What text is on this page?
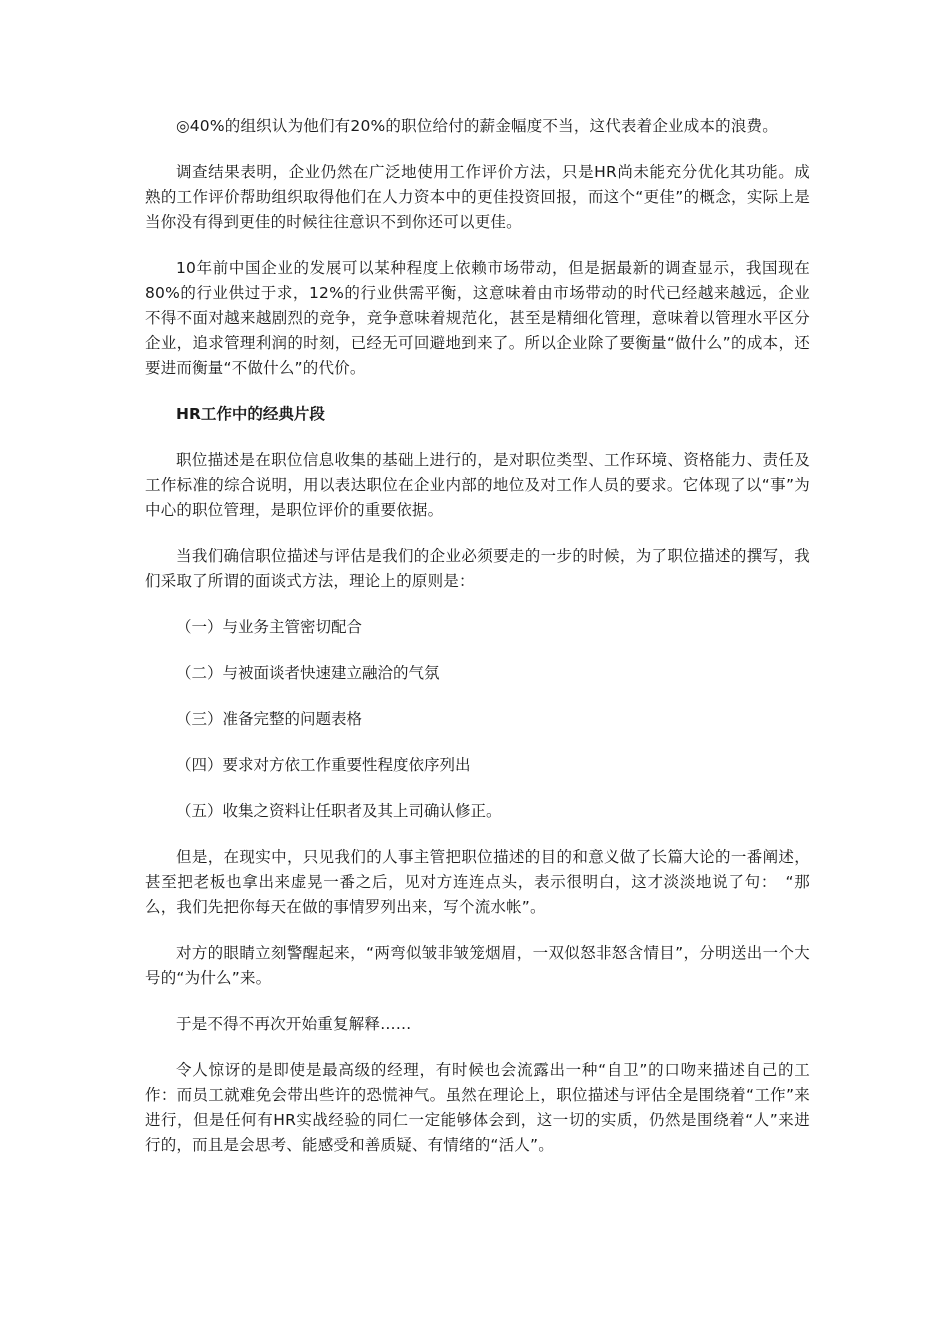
◎40%的组织认为他们有20%的职位给付的薪金幅度不当，这代表着企业成本的浪费。

调查结果表明，企业仍然在广泛地使用工作评价方法，只是HR尚未能充分优化其功能。成熟的工作评价帮助组织取得他们在人力资本中的更佳投资回报，而这个“更佳”的概念，实际上是当你没有得到更佳的时候往往意识不到你还可以更佳。

10年前中国企业的发展可以某种程度上依赖市场带动，但是据最新的调查显示，我国现在80%的行业供过于求，12%的行业供需平衡，这意味着由市场带动的时代已经越来越远，企业不得不面对越来越剧烈的竞争，竞争意味着规范化，甚至是精细化管理，意味着以管理水平区分企业，追求管理利润的时刻，已经无可回避地到来了。所以企业除了要衡量“做什么”的成本，还要进而衡量“不做什么”的代价。

HR工作中的经典片段

职位描述是在职位信息收集的基础上进行的，是对职位类型、工作环境、资格能力、责任及工作标准的综合说明，用以表达职位在企业内部的地位及对工作人员的要求。它体现了以“事”为中心的职位管理，是职位评价的重要依据。

当我们确信职位描述与评估是我们的企业必须要走的一步的时候，为了职位描述的撰写，我们采取了所谓的面谈式方法，理论上的原则是：

（一）与业务主管密切配合

（二）与被面谈者快速建立融洽的气氛

（三）准备完整的问题表格

（四）要求对方依工作重要性程度依序列出

（五）收集之资料让任职者及其上司确认修正。

但是，在现实中，只见我们的人事主管把职位描述的目的和意义做了长篇大论的一番阐述，甚至把老板也拿出来虚晃一番之后，见对方连连点头，表示很明白，这才淡淡地说了句：　“那么，我们先把你每天在做的事情罗列出来，写个流水帐”。

对方的眼睛立刻警醒起来，“两弯似皱非皱笼烟眉，一双似怒非怒含情目”，分明送出一个大号的“为什么”来。

于是不得不再次开始重复解释……

令人惊讶的是即使是最高级的经理，有时候也会流露出一种“自卫”的口吻来描述自己的工作：而员工就难免会带出些许的恐慌神气。虽然在理论上，职位描述与评估全是围绕着“工作”来进行，但是任何有HR实战经验的同仁一定能够体会到，这一切的实质，仍然是围绕着“人”来进行的，而且是会思考、能感受和善质疑、有情绪的“活人”。
